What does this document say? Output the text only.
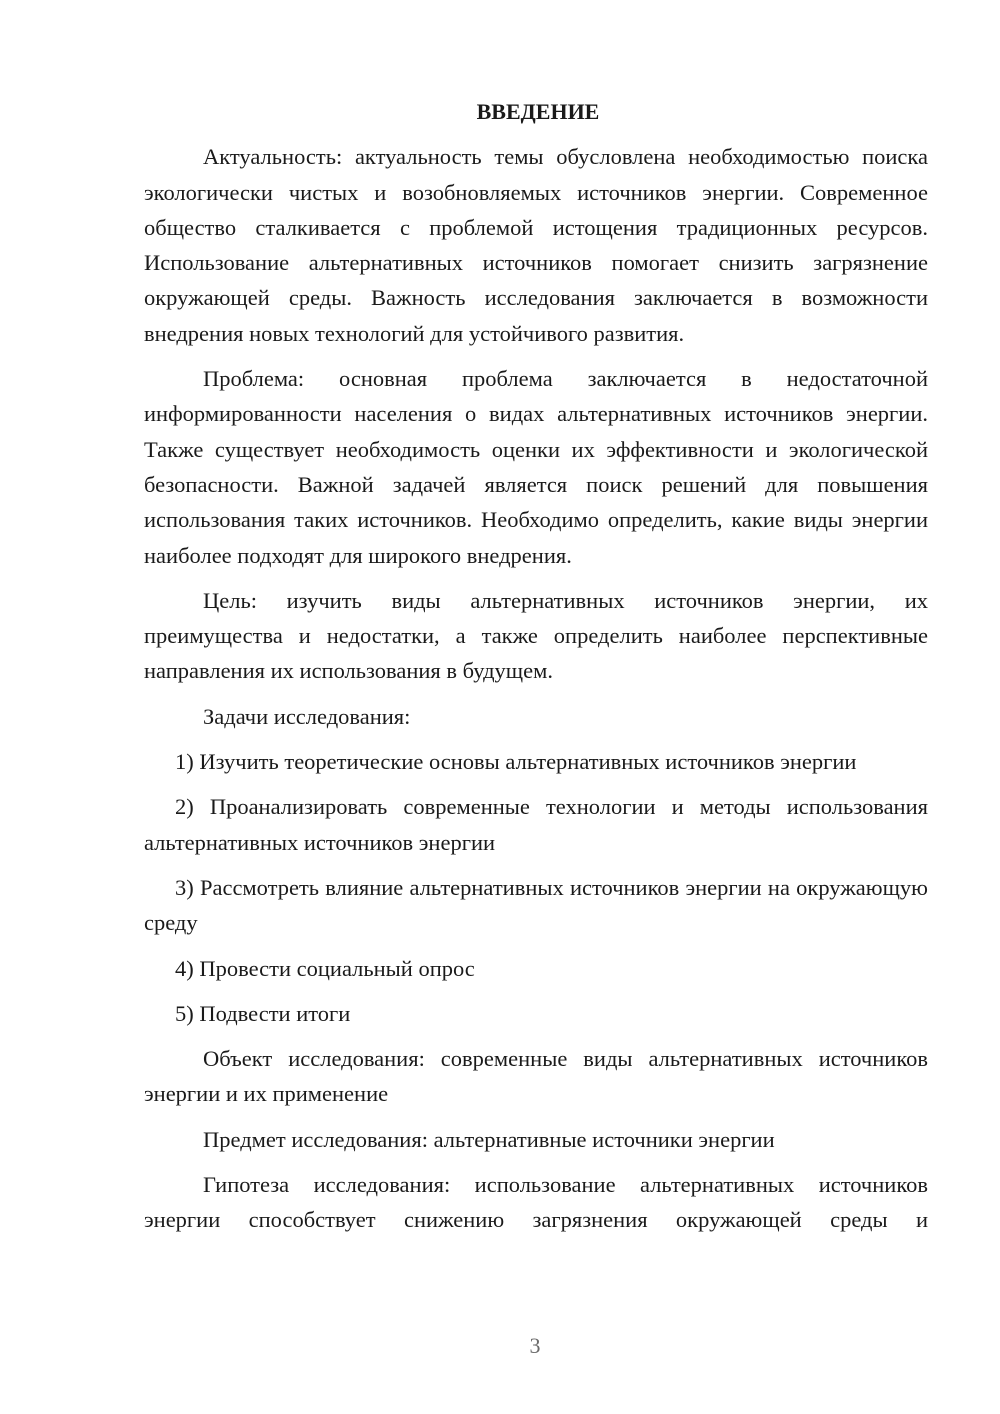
ВВЕДЕНИЕ

Актуальность: актуальность темы обусловлена необходимостью поиска экологически чистых и возобновляемых источников энергии. Современное общество сталкивается с проблемой истощения традиционных ресурсов. Использование альтернативных источников помогает снизить загрязнение окружающей среды. Важность исследования заключается в возможности внедрения новых технологий для устойчивого развития.

Проблема: основная проблема заключается в недостаточной информированности населения о видах альтернативных источников энергии. Также существует необходимость оценки их эффективности и экологической безопасности. Важной задачей является поиск решений для повышения использования таких источников. Необходимо определить, какие виды энергии наиболее подходят для широкого внедрения.

Цель: изучить виды альтернативных источников энергии, их преимущества и недостатки, а также определить наиболее перспективные направления их использования в будущем.

Задачи исследования:

1) Изучить теоретические основы альтернативных источников энергии

2) Проанализировать современные технологии и методы использования альтернативных источников энергии

3) Рассмотреть влияние альтернативных источников энергии на окружающую среду

4) Провести социальный опрос

5) Подвести итоги

Объект исследования: современные виды альтернативных источников энергии и их применение

Предмет исследования: альтернативные источники энергии

Гипотеза исследования: использование альтернативных источников энергии способствует снижению загрязнения окружающей среды и

3
